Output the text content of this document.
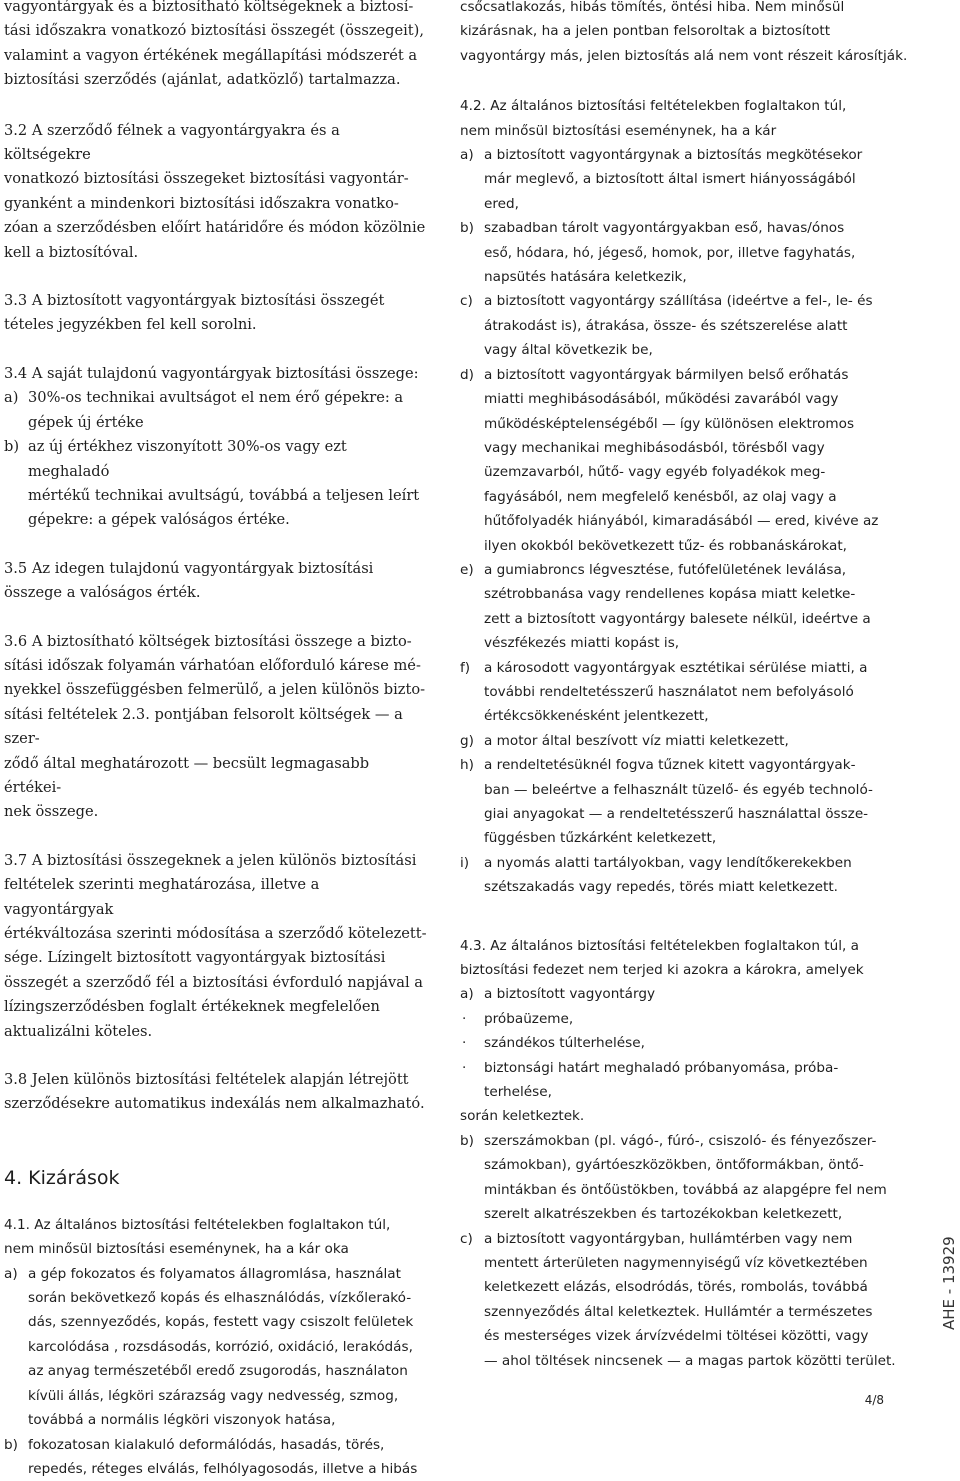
vagyontárgyak és a biztosítható költségeknek a biztosí-

tási időszakra vonatkozó biztosítási összegét (összegeit),

valamint a vagyon értékének megállapítási módszerét a

biztosítási szerződés (ajánlat, adatközlő) tartalmazza.

3.2 A szerződő félnek a vagyontárgyakra és a költségekre

vonatkozó biztosítási összegeket biztosítási vagyontár-

gyanként a mindenkori biztosítási időszakra vonatko-

zóan a szerződésben előírt határidőre és módon közölnie

kell a biztosítóval.

3.3 A biztosított vagyontárgyak biztosítási összegét

tételes jegyzékben fel kell sorolni.

3.4 A saját tulajdonú vagyontárgyak biztosítási összege:

a) 30%-os technikai avultságot el nem érő gépekre: a

gépek új értéke

b) az új értékhez viszonyított 30%-os vagy ezt meghaladó

mértékű technikai avultságú, továbbá a teljesen leírt

gépekre: a gépek valóságos értéke.

3.5 Az idegen tulajdonú vagyontárgyak biztosítási

összege a valóságos érték.

3.6 A biztosítható költségek biztosítási összege a bizto-

sítási időszak folyamán várhatóan előforduló kárese mé-

nyekkel összefüggésben felmerülő, a jelen különös bizto-

sítási feltételek 2.3. pontjában felsorolt költségek — a szer-

ződő által meghatározott — becsült legmagasabb értékei-

nek összege.

3.7 A biztosítási összegeknek a jelen különös biztosítási

feltételek szerinti meghatározása, illetve a vagyontárgyak

értékváltozása szerinti módosítása a szerződő kötelezett-

sége. Lízingelt biztosított vagyontárgyak biztosítási

összegét a szerződő fél a biztosítási évforduló napjával a

lízingszerződésben foglalt értékeknek megfelelően

aktualizálni köteles.

3.8 Jelen különös biztosítási feltételek alapján létrejött

szerződésekre automatikus indexálás nem alkalmazható.

4. Kizárások

4.1. Az általános biztosítási feltételekben foglaltakon túl,

nem minősül biztosítási eseménynek, ha a kár oka

a) a gép fokozatos és folyamatos állagromlása, használat

során bekövetkező kopás és elhasználódás, vízkőlerakó-

dás, szennyeződés, kopás, festett vagy csiszolt felületek

karcolódása , rozsdásodás, korrózió, oxidáció, lerakódás,

az anyag természetéből eredő zsugorodás, használaton

kívüli állás, légköri szárazság vagy nedvesség, szmog,

továbbá a normális légköri viszonyok hatása,

b) fokozatosan kialakuló deformálódás, hasadás, törés,

repedés, réteges elválás, felhólyagosodás, illetve a hibás

csőcsatlakozás, hibás tömítés, öntési hiba. Nem minősül

kizárásnak, ha a jelen pontban felsoroltak a biztosított

vagyontárgy más, jelen biztosítás alá nem vont részeit károsítják.

4.2. Az általános biztosítási feltételekben foglaltakon túl,

nem minősül biztosítási eseménynek, ha a kár

a) a biztosított vagyontárgynak a biztosítás megkötésekor

már meglevő, a biztosított által ismert hiányosságából

ered,

b) szabadban tárolt vagyontárgyakban eső, havas/ónos

eső, hódara, hó, jégeső, homok, por, illetve fagyhatás,

napsütés hatására keletkezik,

c) a biztosított vagyontárgy szállítása (ideértve a fel-, le- és

átrakodást is), átrakása, össze- és szétszerelése alatt

vagy által következik be,

d) a biztosított vagyontárgyak bármilyen belső erőhatás

miatti meghibásodásából, működési zavarából vagy

működésképtelenségéből — így különösen elektromos

vagy mechanikai meghibásodásból, törésből vagy

üzemzavarból, hűtő- vagy egyéb folyadékok meg-

fagyásából, nem megfelelő kenésből, az olaj vagy a

hűtőfolyadék hiányából, kimaradásából — ered, kivéve az

ilyen okokból bekövetkezett tűz- és robbanáskárokat,

e) a gumiabroncs légvesztése, futófelületének leválása,

szétrobbanása vagy rendellenes kopása miatt keletke-

zett a biztosított vagyontárgy balesete nélkül, ideértve a

vészfékezés miatti kopást is,

f) a károsodott vagyontárgyak esztétikai sérülése miatti, a

további rendeltetésszerű használatot nem befolyásoló

értékcsökkenésként jelentkezett,

g) a motor által beszívott víz miatti keletkezett,

h) a rendeltetésüknél fogva tűznek kitett vagyontárgyak-

ban — beleértve a felhasznált tüzelő- és egyéb technoló-

giai anyagokat — a rendeltetésszerű használattal össze-

függésben tűzkárként keletkezett,

i) a nyomás alatti tartályokban, vagy lendítőkerekekben

szétszakadás vagy repedés, törés miatt keletkezett.

4.3. Az általános biztosítási feltételekben foglaltakon túl, a

biztosítási fedezet nem terjed ki azokra a károkra, amelyek

a) a biztosított vagyontárgy

· próbaüzeme,

· szándékos túlterhelése,

· biztonsági határt meghaladó próbanyomása, próba-

terhelése,

során keletkeztek.

b) szerszámokban (pl. vágó-, fúró-, csiszoló- és fényezőszer-

számokban), gyártóeszközökben, öntőformákban, öntő-

mintákban és öntőüstökben, továbbá az alapgépre fel nem

szerelt alkatrészekben és tartozékokban keletkezett,

c) a biztosított vagyontárgyban, hullámtérben vagy nem

mentett árterületen nagymennyiségű víz következtében

keletkezett elázás, elsodródás, törés, rombolás, továbbá

szennyeződés által keletkeztek. Hullámtér a természetes

és mesterséges vizek árvízvédelmi töltései közötti, vagy

— ahol töltések nincsenek — a magas partok közötti terület.

AHE - 13929
4/8
